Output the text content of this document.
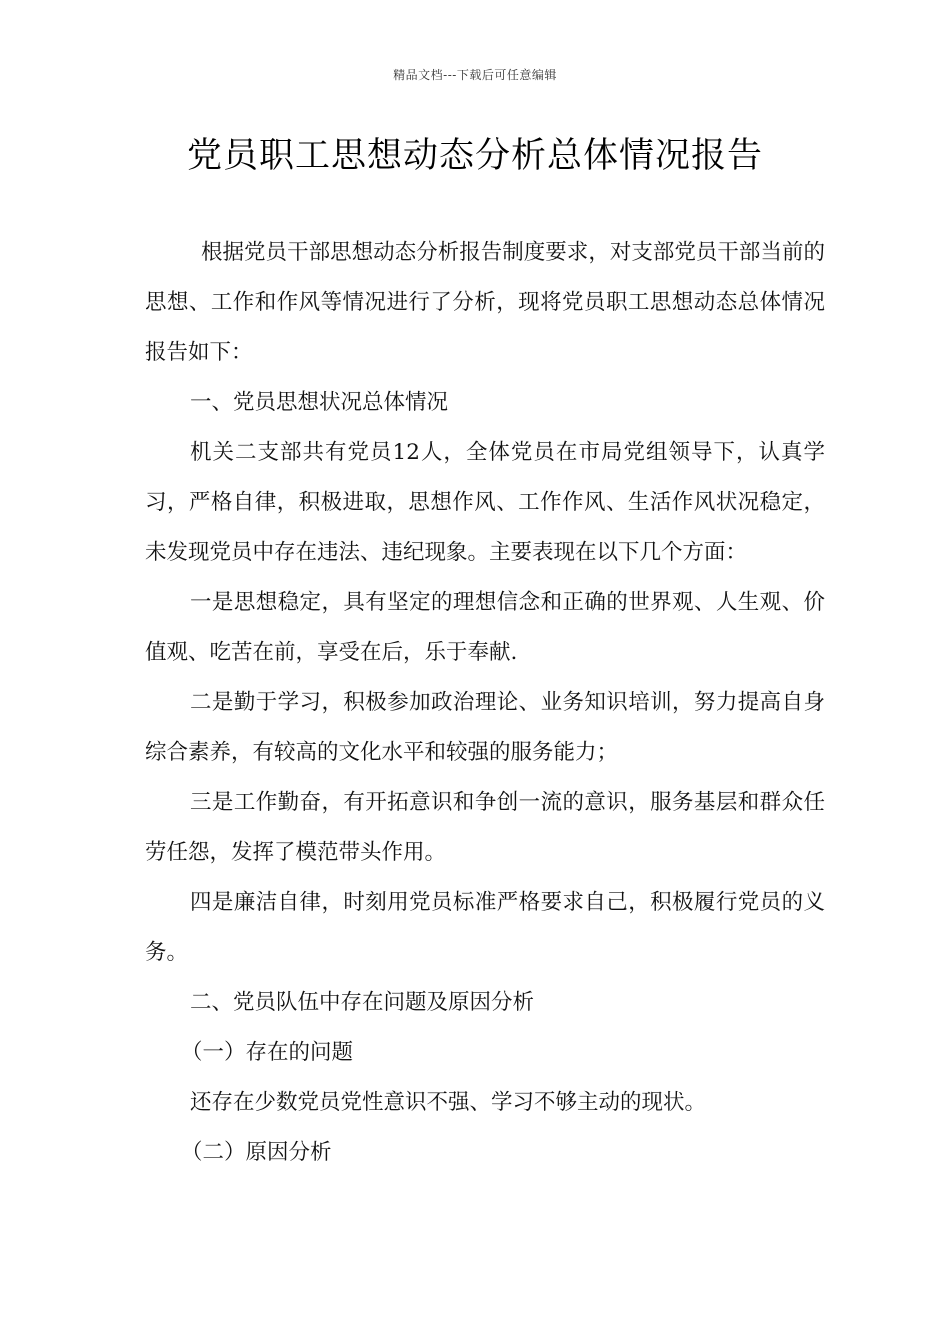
精品文档---下载后可任意编辑
党员职工思想动态分析总体情况报告

根据党员干部思想动态分析报告制度要求，对支部党员干部当前的思想、工作和作风等情况进行了分析，现将党员职工思想动态总体情况报告如下：

一、党员思想状况总体情况

机关二支部共有党员12人，全体党员在市局党组领导下，认真学习，严格自律，积极进取，思想作风、工作作风、生活作风状况稳定，未发现党员中存在违法、违纪现象。主要表现在以下几个方面：

一是思想稳定，具有坚定的理想信念和正确的世界观、人生观、价值观、吃苦在前，享受在后，乐于奉献.

二是勤于学习，积极参加政治理论、业务知识培训，努力提高自身综合素养，有较高的文化水平和较强的服务能力；

三是工作勤奋，有开拓意识和争创一流的意识，服务基层和群众任劳任怨，发挥了模范带头作用。

四是廉洁自律，时刻用党员标准严格要求自己，积极履行党员的义务。

二、党员队伍中存在问题及原因分析

（一）存在的问题

还存在少数党员党性意识不强、学习不够主动的现状。

（二）原因分析
